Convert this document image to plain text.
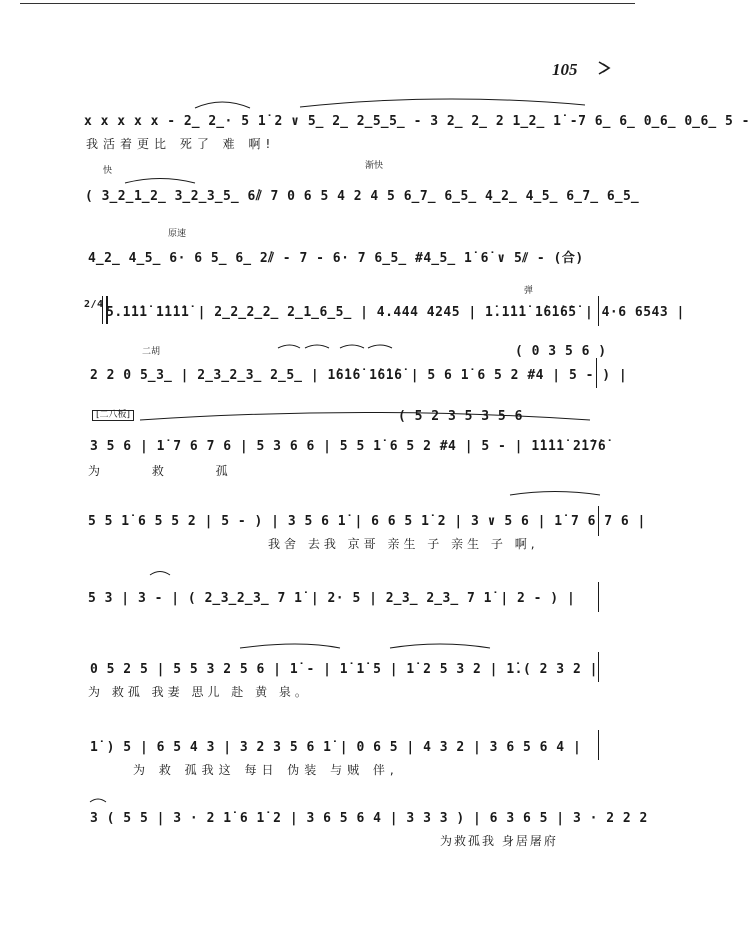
105
x x x x x - 2̲ 2̲· 5 1̇ 2 ∨ 5̲ 2̲ 2̲5̲5̲ - 3 2̲ 2̲ 2 1̲2̲ 1̇ -7 6̲ 6̲ 0̲6̲ 0̲6̲ 5 -
我活着更比 死了 难 啊!
快	渐快
( 3̲2̲1̲2̲ 3̲2̲3̲5̲ 6̇⫽ 7 0 6 5 4 2 4 5 6̲7̲ 6̲5̲ 4̲2̲ 4̲5̲ 6̲7̲ 6̲5̲
原速
4̲2̲ 4̲5̲ 6· 6 5̲ 6̲ 2̇⫽ - 7 - 6· 7 6̲5̲ #4̲5̲ 1̇ 6̇ ∨ 5⫽ - (合)
弹
2/4
5.1̇1̇1̇ 1̇1̇1̇1̇ | 2̲2̲2̲2̲ 2̲1̲6̲5̲ | 4.444 4245 | 1̇.1̇1̇1̇ 1̇6̇1̇6̇5̇ | 4·6 6543 |
二胡	( 0 3 5 6 )
2 2 0 5̲3̲ | 2̲3̲2̲3̲ 2̲5̲ | 1̇6̇1̇6̇ 1̇6̇1̇6̇ | 5 6 1̇ 6 5 2 #4 | 5 - ) |
[二八板]	( 5 2 3 5 3 5 6
3 5 6 | 1̇ 7 6 7 6 | 5 3 6 6 | 5 5 1̇ 6 5 2 #4 | 5 - | 1̇1̇1̇1̇ 2̇1̇7̇6̇
为 救 孤
5 5 1̇ 6 5 5 2 | 5 - ) | 3 5 6 1̇ | 6 6 5 1̇ 2 | 3 ∨ 5 6 | 1̇ 7 6 7 6 |
我舍 去我 京哥 亲生 子 亲生 子 啊,
5 3 | 3 - | ( 2̲3̲2̲3̲ 7 1̇ | 2· 5 | 2̲3̲ 2̲3̲ 7 1̇ | 2 - ) |
0 5 2 5 | 5 5 3 2 5 6 | 1̇ - | 1̇ 1̇ 5 | 1̇ 2 5 3 2 | 1̇.( 2 3 2 |
为 救孤 我妻 思儿 赴 黄 泉。
1̇ ) 5 | 6 5 4 3 | 3 2 3 5 6 1̇ | 0 6 5 | 4 3 2 | 3 6 5 6 4 |
为 救 孤我这 每日 伪装 与贼 伴,
3 ( 5 5 | 3 · 2 1̇ 6 1̇ 2 | 3 6 5 6 4 | 3 3 3 ) | 6 3 6 5 | 3 · 2 2 2
为救孤我 身居屠府
